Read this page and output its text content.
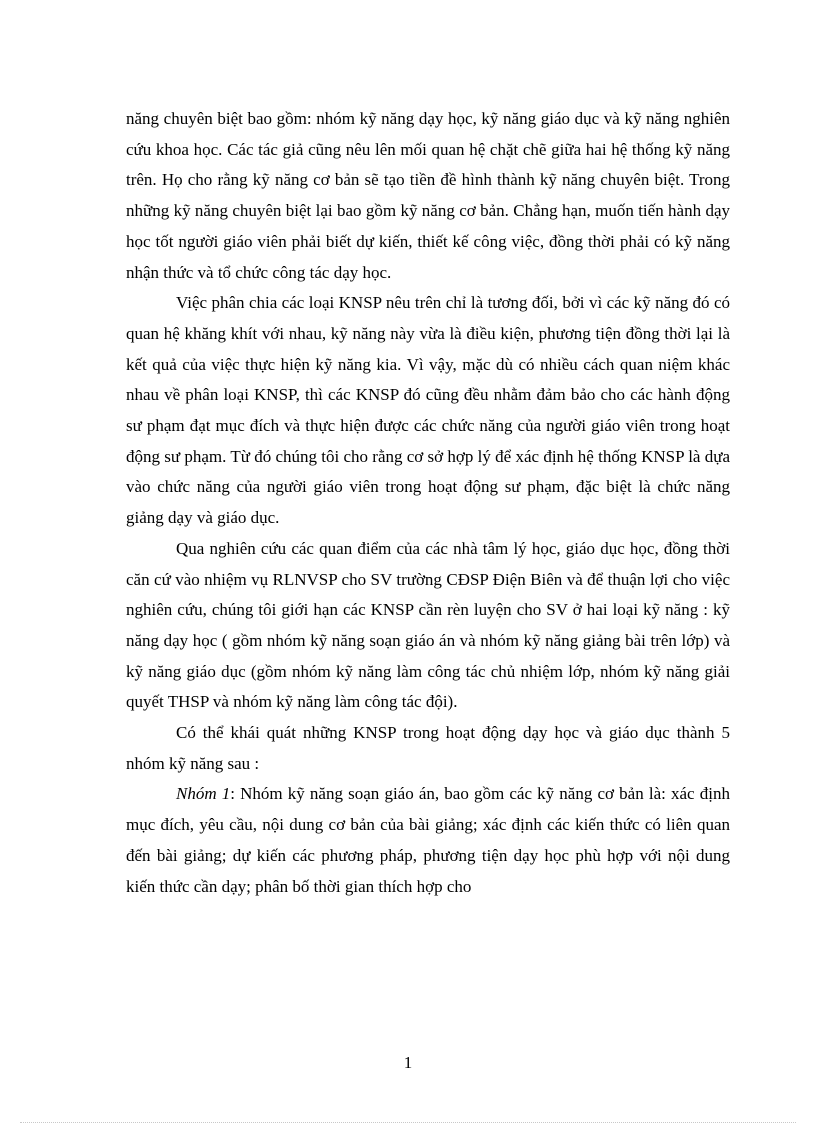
năng chuyên biệt bao gồm: nhóm kỹ năng dạy học, kỹ năng giáo dục và kỹ năng nghiên cứu khoa học. Các tác giả cũng nêu lên mối quan hệ chặt chẽ giữa hai hệ thống kỹ năng trên. Họ cho rằng kỹ năng cơ bản sẽ tạo tiền đề hình thành kỹ năng chuyên biệt. Trong những kỹ năng chuyên biệt lại bao gồm kỹ năng cơ bản. Chẳng hạn, muốn tiến hành dạy học tốt người giáo viên phải biết dự kiến, thiết kế công việc, đồng thời phải có kỹ năng nhận thức và tổ chức công tác dạy học.

Việc phân chia các loại KNSP nêu trên chỉ là tương đối, bởi vì các kỹ năng đó có quan hệ khăng khít với nhau, kỹ năng này vừa là điều kiện, phương tiện đồng thời lại là kết quả của việc thực hiện kỹ năng kia. Vì vậy, mặc dù có nhiều cách quan niệm khác nhau về phân loại KNSP, thì các KNSP đó cũng đều nhằm đảm bảo cho các hành động sư phạm đạt mục đích và thực hiện được các chức năng của người giáo viên trong hoạt động sư phạm. Từ đó chúng tôi cho rằng cơ sở hợp lý để xác định hệ thống KNSP là dựa vào chức năng của người giáo viên trong hoạt động sư phạm, đặc biệt là chức năng giảng dạy và giáo dục.

Qua nghiên cứu các quan điểm của các nhà tâm lý học, giáo dục học, đồng thời căn cứ vào nhiệm vụ RLNVSP cho SV trường CĐSP Điện Biên và để thuận lợi cho việc nghiên cứu, chúng tôi giới hạn các KNSP cần rèn luyện cho SV ở hai loại kỹ năng : kỹ năng dạy học ( gồm nhóm kỹ năng soạn giáo án và nhóm kỹ năng giảng bài trên lớp) và kỹ năng giáo dục (gồm nhóm kỹ năng làm công tác chủ nhiệm lớp, nhóm kỹ năng giải quyết THSP và nhóm kỹ năng làm công tác đội).

Có thể khái quát những KNSP trong hoạt động dạy học và giáo dục thành 5 nhóm kỹ năng sau :

Nhóm 1: Nhóm kỹ năng soạn giáo án, bao gồm các kỹ năng cơ bản là: xác định mục đích, yêu cầu, nội dung cơ bản của bài giảng; xác định các kiến thức có liên quan đến bài giảng; dự kiến các phương pháp, phương tiện dạy học phù hợp với nội dung kiến thức cần dạy; phân bố thời gian thích hợp cho

1
